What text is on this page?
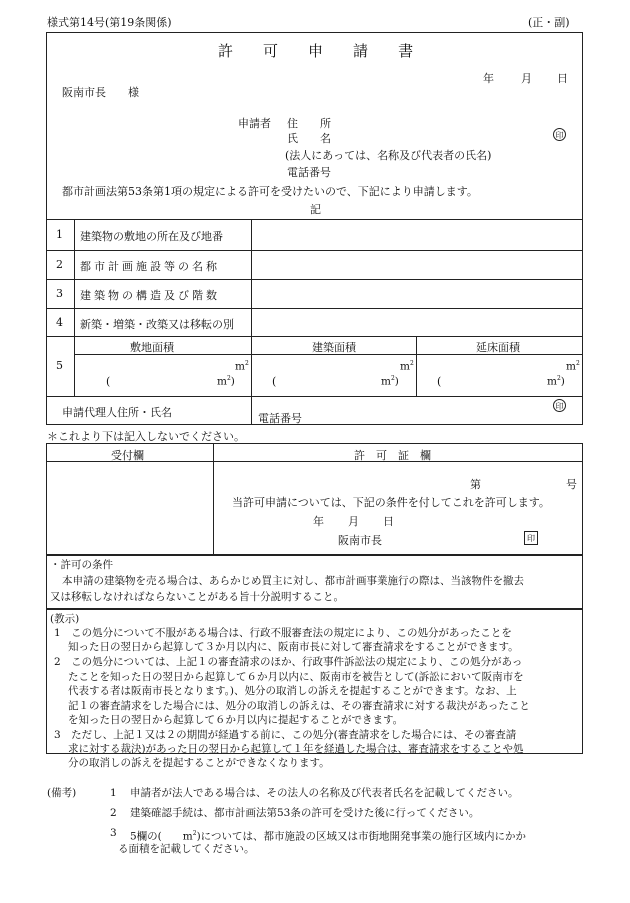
様式第14号(第19条関係)	(正・副)
許 可 申 請 書
年 月 日
阪南市長　　様
申請者 住　　所
氏　　名	印
(法人にあっては、名称及び代表者の氏名)
電話番号
都市計画法第53条第1項の規定による許可を受けたいので、下記により申請します。
記
1 建築物の敷地の所在及び地番
2 都市計画施設等の名称
3 建築物の構造及び階数
4 新築・増築・改築又は移転の別
5
敷地面積	建築面積	延床面積
$m^2$	$m^2$	$m^2$
(	$m^2$)	(	$m^2$)	(	$m^2$)
申請代理人住所・氏名	電話番号
印
＊これより下は記入しないでください。
受付欄	許　可　証　欄
第	号
当許可申請については、下記の条件を付してこれを許可します。
年 月 日
阪南市長	印
・許可の条件
本申請の建築物を売る場合は、あらかじめ買主に対し、都市計画事業施行の際は、当該物件を撤去
又は移転しなければならないことがある旨十分説明すること。
(教示)
1　この処分について不服がある場合は、行政不服審査法の規定により、この処分があったことを
知った日の翌日から起算して３か月以内に、阪南市長に対して審査請求をすることができます。
2　この処分については、上記１の審査請求のほか、行政事件訴訟法の規定により、この処分があっ
たことを知った日の翌日から起算して６か月以内に、阪南市を被告として(訴訟において阪南市を
代表する者は阪南市長となります。)、処分の取消しの訴えを提起することができます。なお、上
記１の審査請求をした場合には、処分の取消しの訴えは、その審査請求に対する裁決があったこと
を知った日の翌日から起算して６か月以内に提起することができます。
3　ただし、上記１又は２の期間が経過する前に、この処分(審査請求をした場合には、その審査請
求に対する裁決)があった日の翌日から起算して１年を経過した場合は、審査請求をすることや処
分の取消しの訴えを提起することができなくなります。
(備考)	1 申請者が法人である場合は、その法人の名称及び代表者氏名を記載してください。
2 建築確認手続は、都市計画法第53条の許可を受けた後に行ってください。
3 5欄の(　　$m^2$)については、都市施設の区域又は市街地開発事業の施行区域内にかか
る面積を記載してください。
